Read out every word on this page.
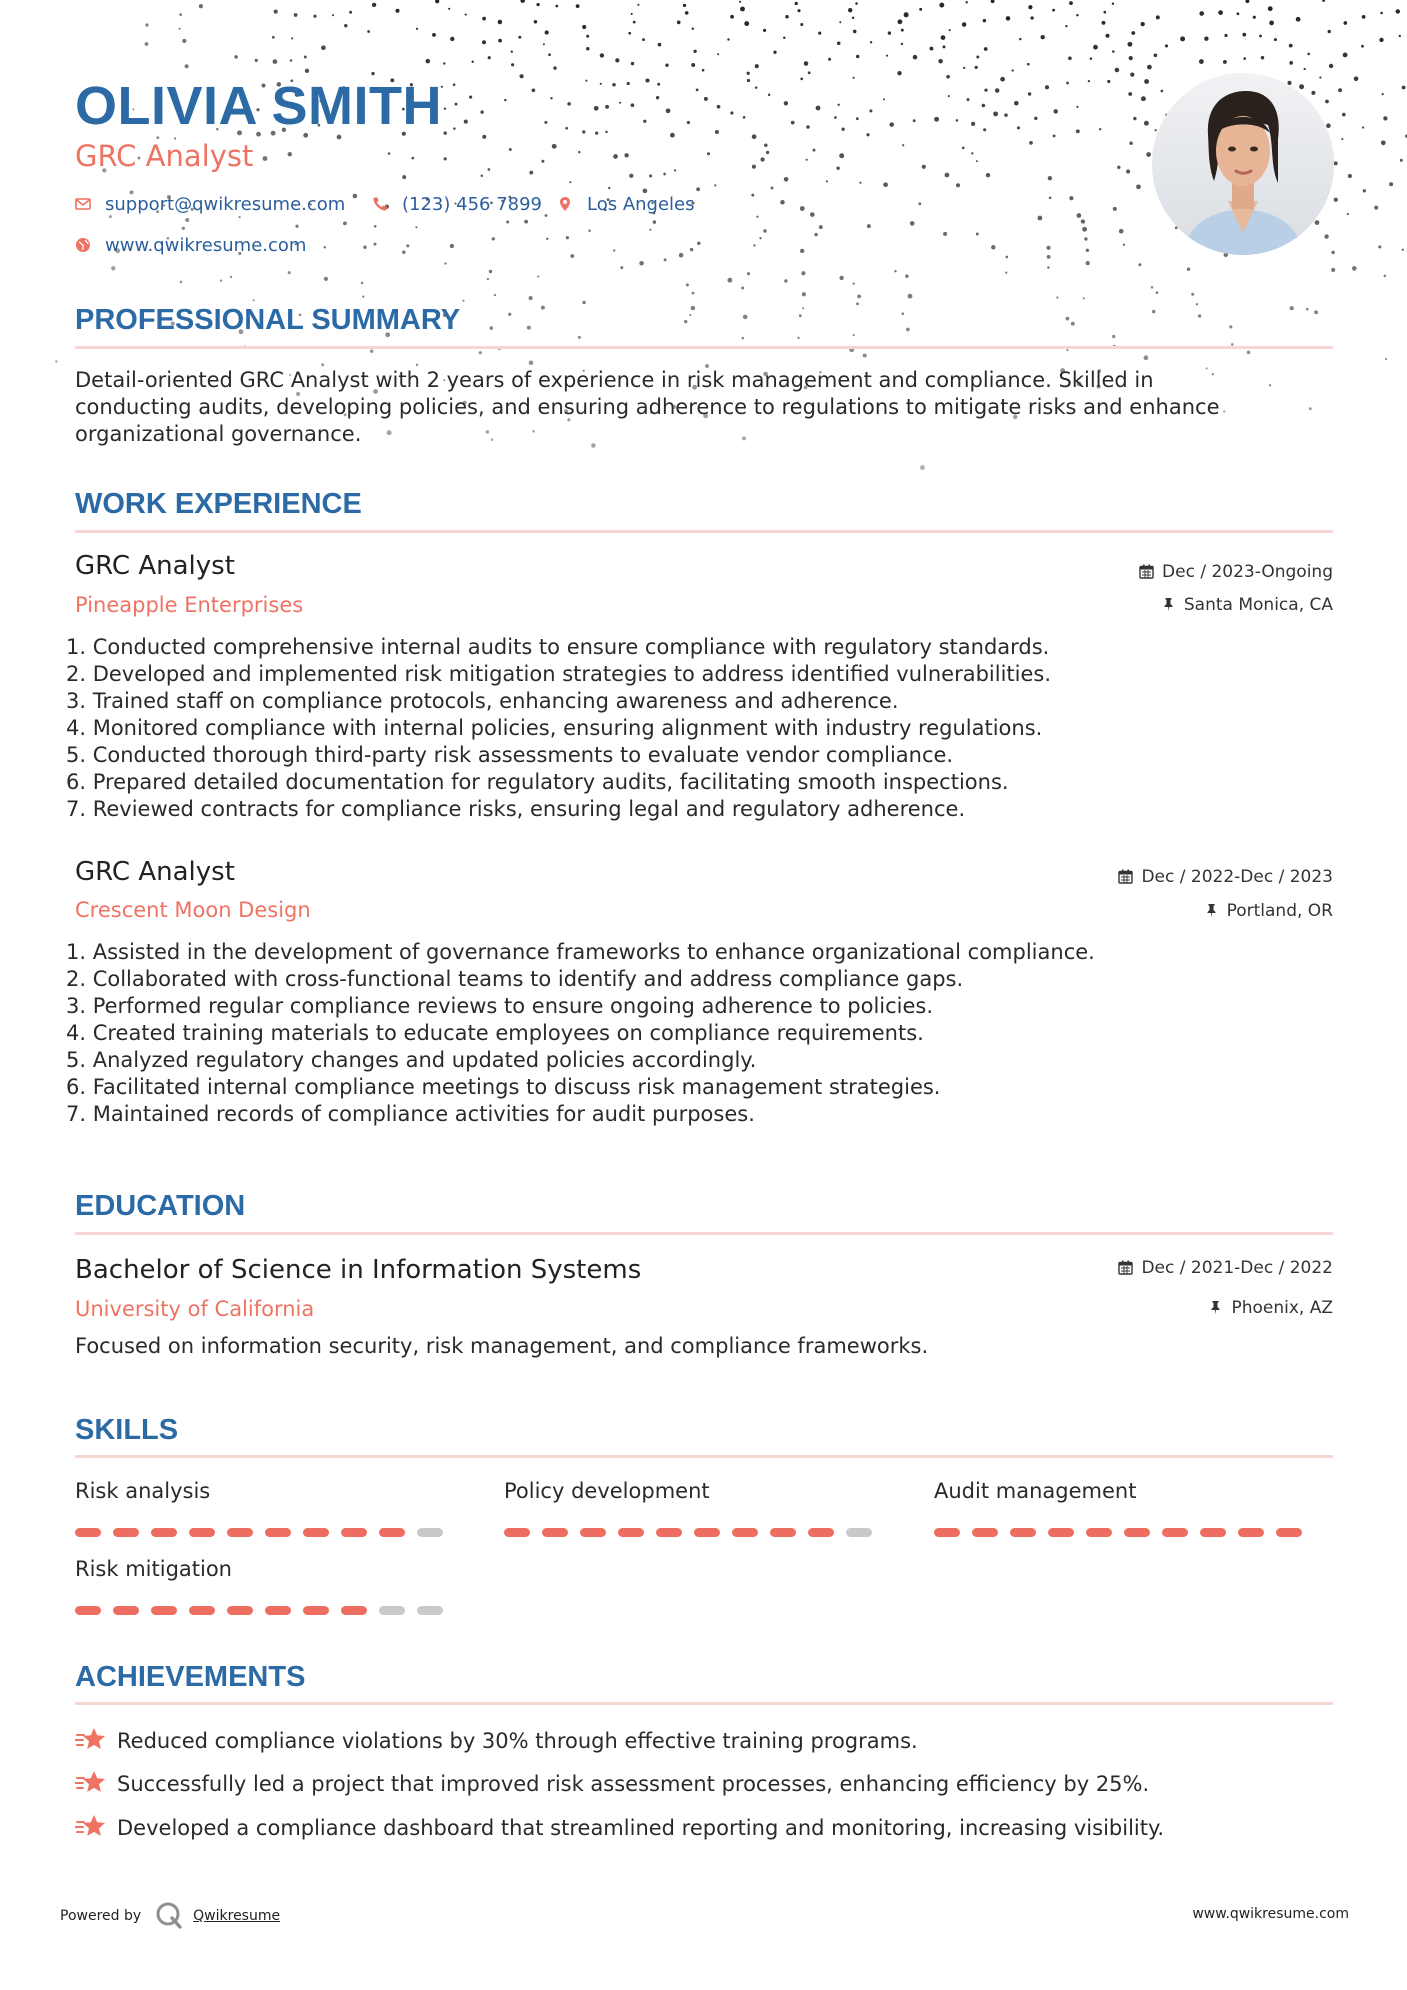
OLIVIA SMITH
GRC Analyst
support@qwikresume.com	(123) 456 7899	Los Angeles
www.qwikresume.com
PROFESSIONAL SUMMARY
Detail-oriented GRC Analyst with 2 years of experience in risk management and compliance. Skilled in
conducting audits, developing policies, and ensuring adherence to regulations to mitigate risks and enhance
organizational governance.
WORK EXPERIENCE
GRC Analyst
Pineapple Enterprises
Dec / 2023-Ongoing
Santa Monica, CA
1. Conducted comprehensive internal audits to ensure compliance with regulatory standards.
2. Developed and implemented risk mitigation strategies to address identified vulnerabilities.
3. Trained staff on compliance protocols, enhancing awareness and adherence.
4. Monitored compliance with internal policies, ensuring alignment with industry regulations.
5. Conducted thorough third-party risk assessments to evaluate vendor compliance.
6. Prepared detailed documentation for regulatory audits, facilitating smooth inspections.
7. Reviewed contracts for compliance risks, ensuring legal and regulatory adherence.
GRC Analyst
Crescent Moon Design
Dec / 2022-Dec / 2023
Portland, OR
1. Assisted in the development of governance frameworks to enhance organizational compliance.
2. Collaborated with cross-functional teams to identify and address compliance gaps.
3. Performed regular compliance reviews to ensure ongoing adherence to policies.
4. Created training materials to educate employees on compliance requirements.
5. Analyzed regulatory changes and updated policies accordingly.
6. Facilitated internal compliance meetings to discuss risk management strategies.
7. Maintained records of compliance activities for audit purposes.
EDUCATION
Bachelor of Science in Information Systems
University of California
Dec / 2021-Dec / 2022
Phoenix, AZ
Focused on information security, risk management, and compliance frameworks.
SKILLS
Risk analysis	Policy development	Audit management
Risk mitigation
ACHIEVEMENTS
Reduced compliance violations by 30% through effective training programs.
Successfully led a project that improved risk assessment processes, enhancing efficiency by 25%.
Developed a compliance dashboard that streamlined reporting and monitoring, increasing visibility.
Powered by	Qwikresume	www.qwikresume.com
